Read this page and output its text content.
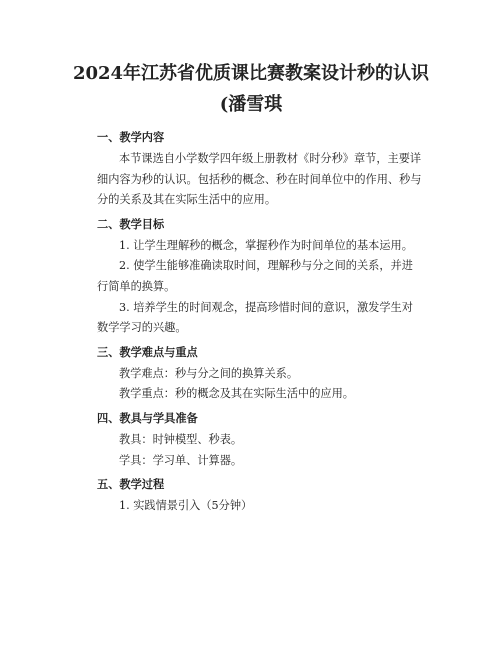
2024年江苏省优质课比赛教案设计秒的认识
(潘雪琪
一、教学内容
本节课选自小学数学四年级上册教材《时分秒》章节，主要详细内容为秒的认识。包括秒的概念、秒在时间单位中的作用、秒与分的关系及其在实际生活中的应用。
二、教学目标
1. 让学生理解秒的概念，掌握秒作为时间单位的基本运用。
2. 使学生能够准确读取时间，理解秒与分之间的关系，并进行简单的换算。
3. 培养学生的时间观念，提高珍惜时间的意识，激发学生对数学学习的兴趣。
三、教学难点与重点
教学难点：秒与分之间的换算关系。
教学重点：秒的概念及其在实际生活中的应用。
四、教具与学具准备
教具：时钟模型、秒表。
学具：学习单、计算器。
五、教学过程
1. 实践情景引入（5分钟）
